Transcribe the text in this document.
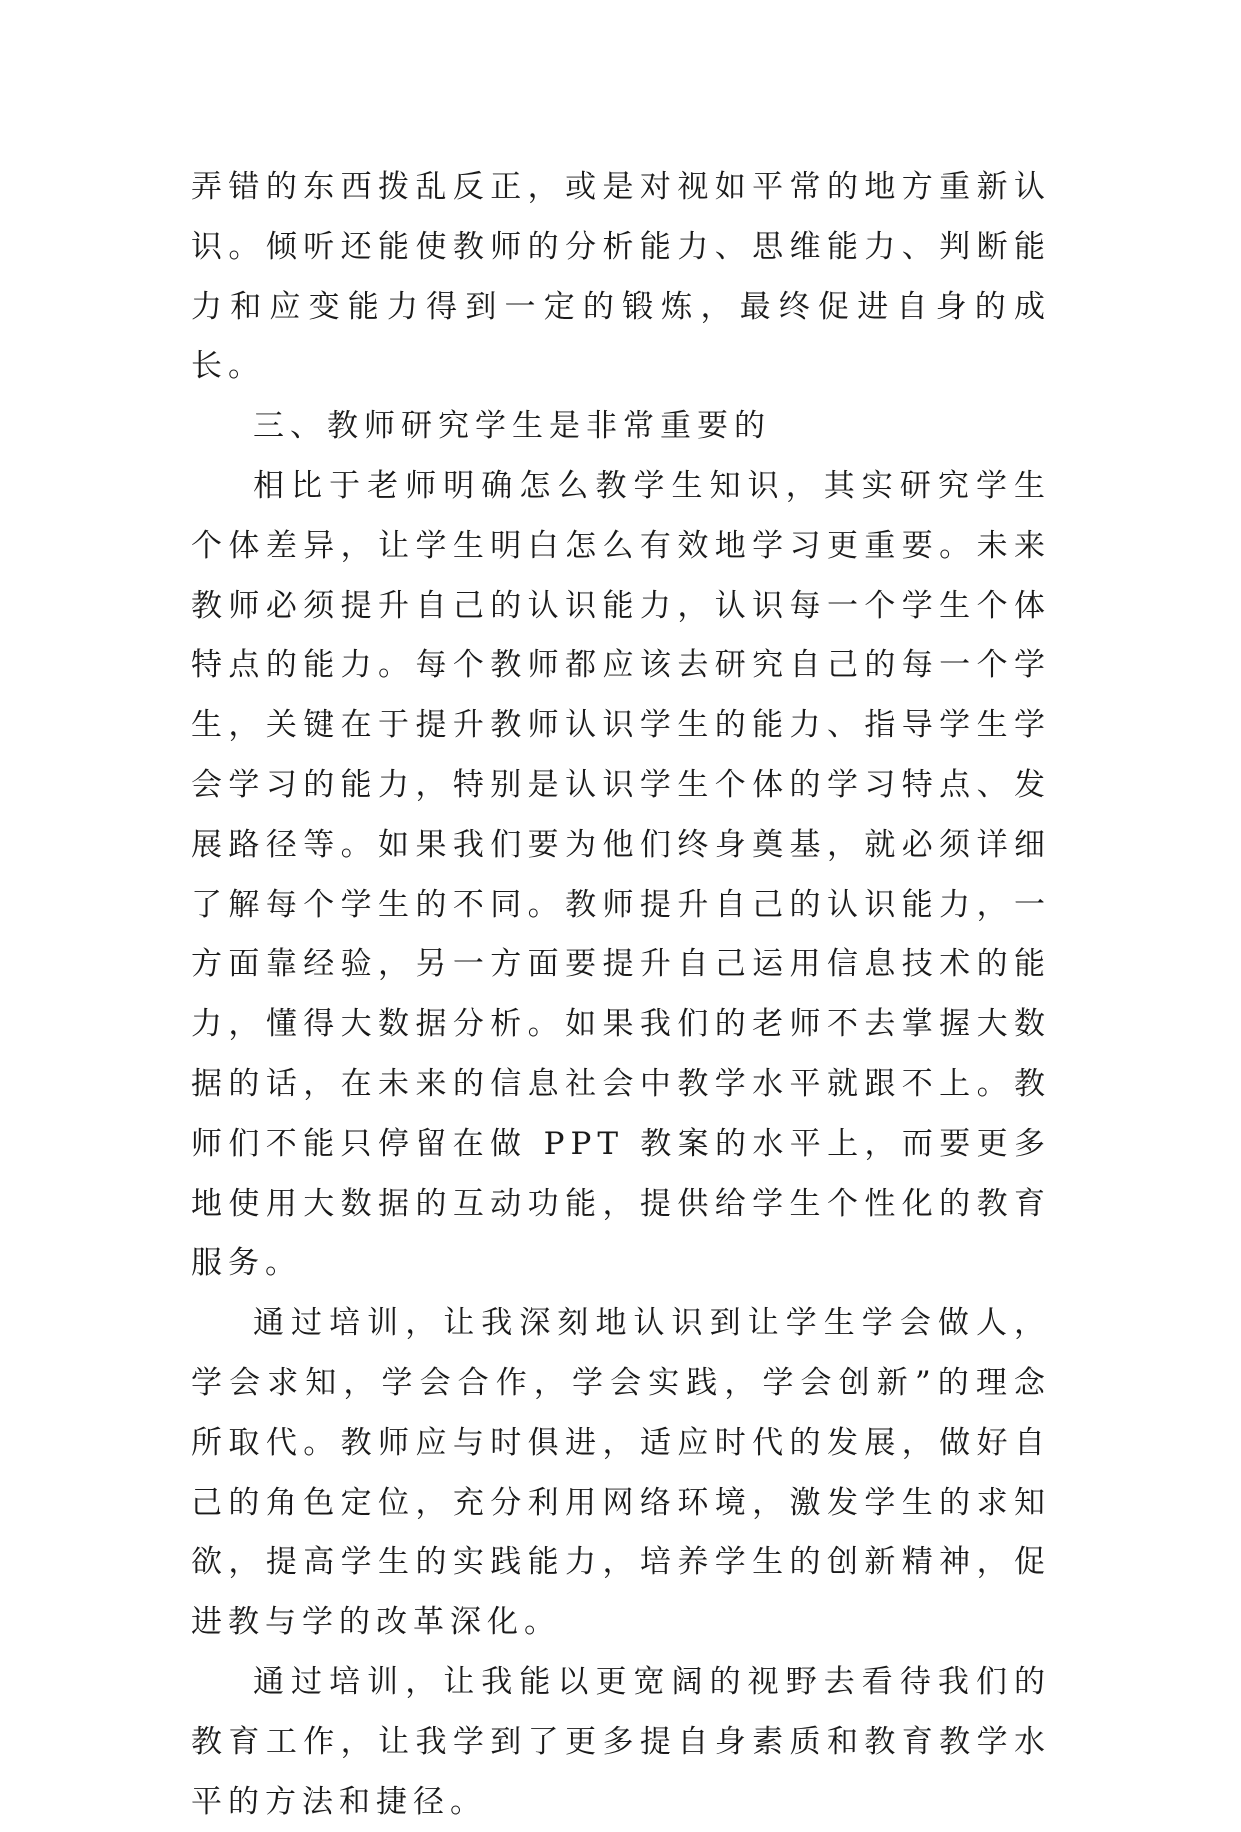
弄错的东西拨乱反正，或是对视如平常的地方重新认识。倾听还能使教师的分析能力、思维能力、判断能力和应变能力得到一定的锻炼，最终促进自身的成长。

三、教师研究学生是非常重要的

相比于老师明确怎么教学生知识，其实研究学生个体差异，让学生明白怎么有效地学习更重要。未来教师必须提升自己的认识能力，认识每一个学生个体特点的能力。每个教师都应该去研究自己的每一个学生，关键在于提升教师认识学生的能力、指导学生学会学习的能力，特别是认识学生个体的学习特点、发展路径等。如果我们要为他们终身奠基，就必须详细了解每个学生的不同。教师提升自己的认识能力，一方面靠经验，另一方面要提升自己运用信息技术的能力，懂得大数据分析。如果我们的老师不去掌握大数据的话，在未来的信息社会中教学水平就跟不上。教师们不能只停留在做 PPT 教案的水平上，而要更多地使用大数据的互动功能，提供给学生个性化的教育服务。

通过培训，让我深刻地认识到让学生学会做人，学会求知，学会合作，学会实践，学会创新”的理念所取代。教师应与时俱进，适应时代的发展，做好自己的角色定位，充分利用网络环境，激发学生的求知欲，提高学生的实践能力，培养学生的创新精神，促进教与学的改革深化。

通过培训，让我能以更宽阔的视野去看待我们的教育工作，让我学到了更多提自身素质和教育教学水平的方法和捷径。
